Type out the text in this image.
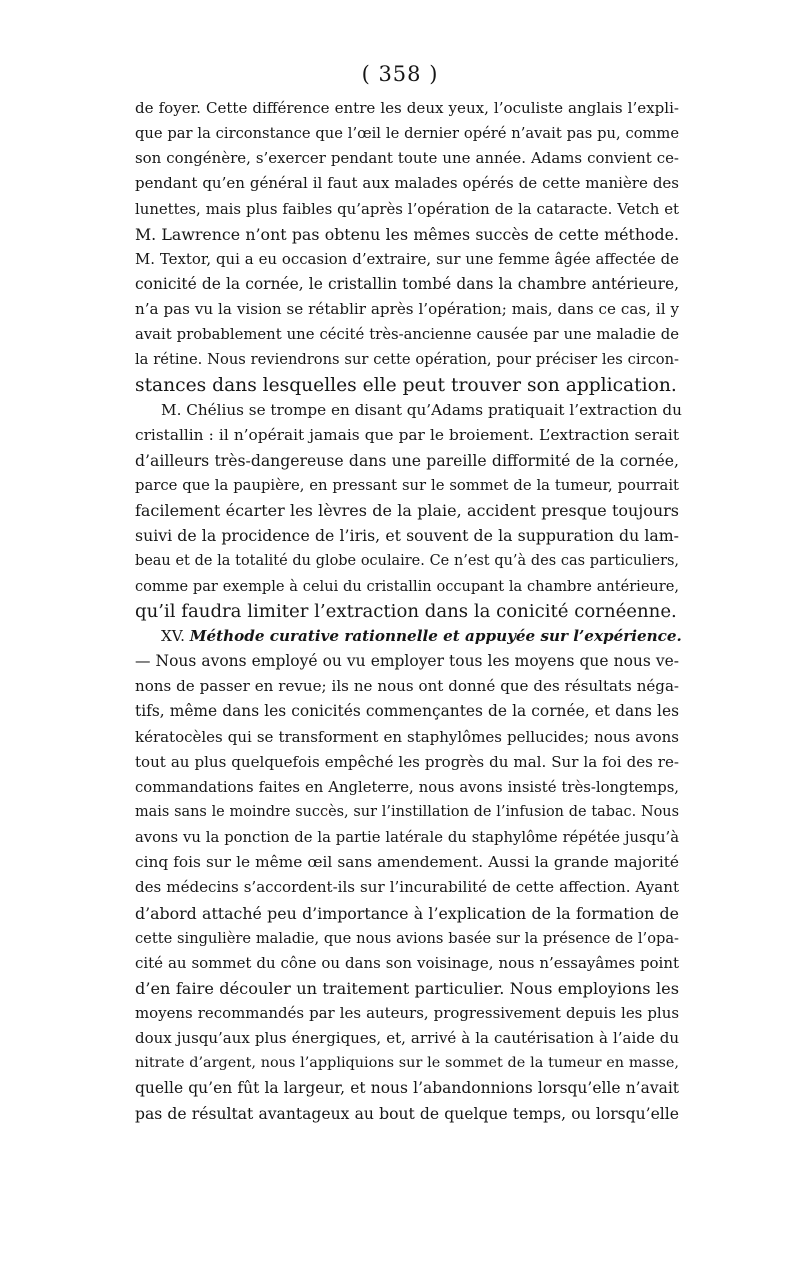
( 358 )
de foyer. Cette différence entre les deux yeux, l’oculiste anglais l’expli-
que par la circonstance que l’œil le dernier opéré n’avait pas pu, comme
son congénère, s’exercer pendant toute une année. Adams convient ce-
pendant qu’en général il faut aux malades opérés de cette manière des
lunettes, mais plus faibles qu’après l’opération de la cataracte. Vetch et
M. Lawrence n’ont pas obtenu les mêmes succès de cette méthode.
M. Textor, qui a eu occasion d’extraire, sur une femme âgée affectée de
conicité de la cornée, le cristallin tombé dans la chambre antérieure,
n’a pas vu la vision se rétablir après l’opération; mais, dans ce cas, il y
avait probablement une cécité très-ancienne causée par une maladie de
la rétine. Nous reviendrons sur cette opération, pour préciser les circon-
stances dans lesquelles elle peut trouver son application.
M. Chélius se trompe en disant qu’Adams pratiquait l’extraction du
cristallin : il n’opérait jamais que par le broiement. L’extraction serait
d’ailleurs très-dangereuse dans une pareille difformité de la cornée,
parce que la paupière, en pressant sur le sommet de la tumeur, pourrait
facilement écarter les lèvres de la plaie, accident presque toujours
suivi de la procidence de l’iris, et souvent de la suppuration du lam-
beau et de la totalité du globe oculaire. Ce n’est qu’à des cas particuliers,
comme par exemple à celui du cristallin occupant la chambre antérieure,
qu’il faudra limiter l’extraction dans la conicité cornéenne.
XV. Méthode curative rationnelle et appuyée sur l’expérience.
— Nous avons employé ou vu employer tous les moyens que nous ve-
nons de passer en revue; ils ne nous ont donné que des résultats néga-
tifs, même dans les conicités commençantes de la cornée, et dans les
kératocèles qui se transforment en staphylômes pellucides; nous avons
tout au plus quelquefois empêché les progrès du mal. Sur la foi des re-
commandations faites en Angleterre, nous avons insisté très-longtemps,
mais sans le moindre succès, sur l’instillation de l’infusion de tabac. Nous
avons vu la ponction de la partie latérale du staphylôme répétée jusqu’à
cinq fois sur le même œil sans amendement. Aussi la grande majorité
des médecins s’accordent-ils sur l’incurabilité de cette affection. Ayant
d’abord attaché peu d’importance à l’explication de la formation de
cette singulière maladie, que nous avions basée sur la présence de l’opa-
cité au sommet du cône ou dans son voisinage, nous n’essayâmes point
d’en faire découler un traitement particulier. Nous employions les
moyens recommandés par les auteurs, progressivement depuis les plus
doux jusqu’aux plus énergiques, et, arrivé à la cautérisation à l’aide du
nitrate d’argent, nous l’appliquions sur le sommet de la tumeur en masse,
quelle qu’en fût la largeur, et nous l’abandonnions lorsqu’elle n’avait
pas de résultat avantageux au bout de quelque temps, ou lorsqu’elle
